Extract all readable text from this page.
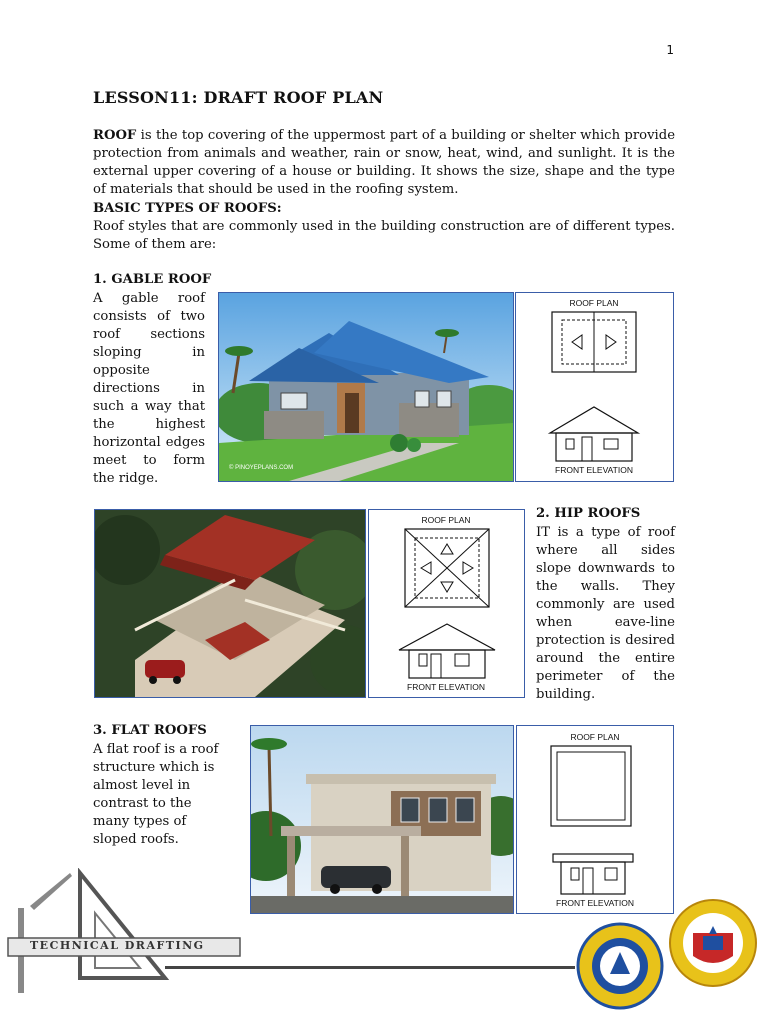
1
LESSON11: DRAFT ROOF PLAN
ROOF is the top covering of the uppermost part of a building or shelter which provide protection from animals and weather, rain or snow, heat, wind, and sunlight. It is the external upper covering of a house or building. It shows the size, shape and the type of materials that should be used in the roofing system.
BASIC TYPES OF ROOFS:
Roof styles that are commonly used in the building construction are of different types. Some of them are:
1. GABLE ROOF
A gable roof consists of two roof sections sloping in opposite directions in such a way that the highest horizontal edges meet to form the ridge.
© PINOYEPLANS.COM
ROOF PLAN
FRONT ELEVATION
ROOF PLAN
FRONT ELEVATION
2. HIP ROOFS
IT is a type of roof where all sides slope downwards to the walls. They commonly are used when eave-line protection is desired around the entire perimeter of the building.
3. FLAT ROOFS
A flat roof is a roof structure which is almost level in contrast to the many types of sloped roofs.
ROOF PLAN
FRONT ELEVATION
TECHNICAL DRAFTING
